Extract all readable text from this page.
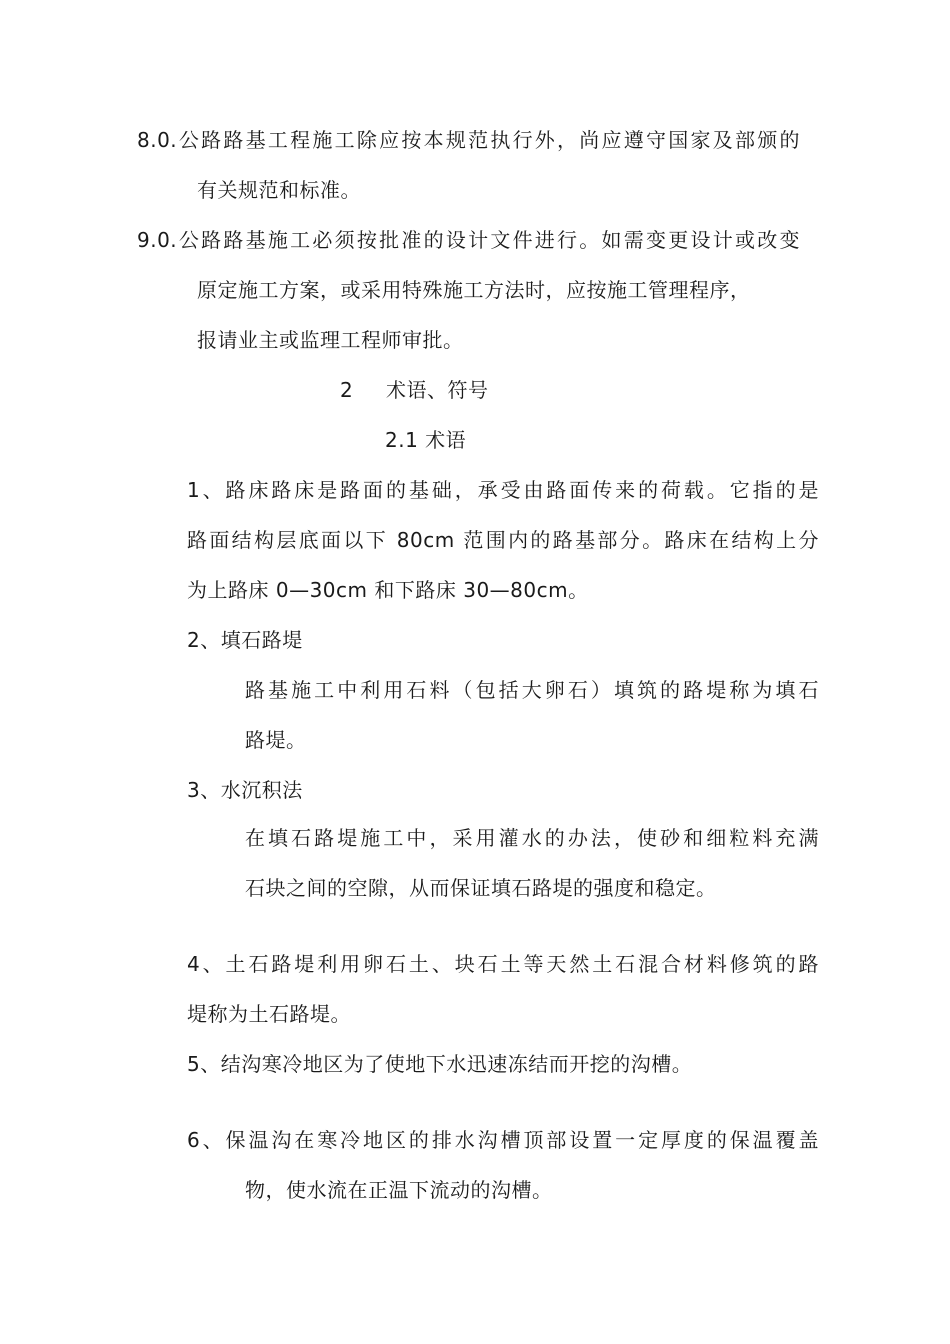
8.0.公路路基工程施工除应按本规范执行外，尚应遵守国家及部颁的
有关规范和标准。
9.0.公路路基施工必须按批准的设计文件进行。如需变更设计或改变
原定施工方案，或采用特殊施工方法时，应按施工管理程序，
报请业主或监理工程师审批。
2 术语、符号
2.1 术语
1、路床路床是路面的基础，承受由路面传来的荷载。它指的是
路面结构层底面以下 80cm 范围内的路基部分。路床在结构上分
为上路床 0—30cm 和下路床 30—80cm。
2、填石路堤
路基施工中利用石料（包括大卵石）填筑的路堤称为填石
路堤。
3、水沉积法
在填石路堤施工中，采用灌水的办法，使砂和细粒料充满
石块之间的空隙，从而保证填石路堤的强度和稳定。
4、土石路堤利用卵石土、块石土等天然土石混合材料修筑的路
堤称为土石路堤。
5、结沟寒冷地区为了使地下水迅速冻结而开挖的沟槽。
6、保温沟在寒冷地区的排水沟槽顶部设置一定厚度的保温覆盖
物，使水流在正温下流动的沟槽。
